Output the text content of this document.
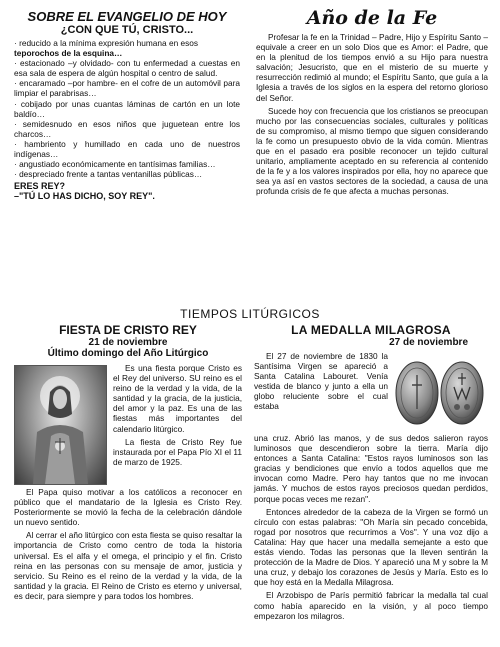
SOBRE EL EVANGELIO DE HOY
¿CON QUE TÚ, CRISTO...

· reducido a la mínima expresión humana en esos

teporochos de la esquina…

· estacionado –y olvidado- con tu enfermedad a cuestas en esa sala de espera de algún hospital o centro de salud.

· encaramado –por hambre- en el cofre de un automóvil para limpiar el parabrisas…

· cobijado por unas cuantas láminas de cartón en un lote baldío…

· semidesnudo en esos niños que juguetean entre los charcos…

· hambriento y humillado en cada uno de nuestros indígenas…

· angustiado económicamente en tantísimas familias…

· despreciado frente a tantas ventanillas públicas…

ERES REY?
–"TÚ LO HAS DICHO, SOY REY".
Año de la Fe

Profesar la fe en la Trinidad – Padre, Hijo y Espíritu Santo –equivale a creer en un solo Dios que es Amor: el Padre, que en la plenitud de los tiempos envió a su Hijo para nuestra salvación; Jesucristo, que en el misterio de su muerte y resurrección redimió al mundo; el Espíritu Santo, que guía a la Iglesia a través de los siglos en la espera del retorno glorioso del Señor.

Sucede hoy con frecuencia que los cristianos se preocupan mucho por las consecuencias sociales, culturales y políticas de su compromiso, al mismo tiempo que siguen considerando la fe como un presupuesto obvio de la vida común. Mientras que en el pasado era posible reconocer un tejido cultural unitario, ampliamente aceptado en su referencia al contenido de la fe y a los valores inspirados por ella, hoy no aparece que sea ya así en vastos sectores de la sociedad, a causa de una profunda crisis de fe que afecta a muchas personas.

TIEMPOS LITÚRGICOS
FIESTA DE CRISTO REY
21 de noviembre
Último domingo del Año Litúrgico

Es una fiesta porque Cristo es el Rey del universo. SU reino es el reino de la verdad y la vida, de la santidad y la gracia, de la justicia, del amor y la paz. Es una de las fiestas más importantes del calendario litúrgico.

La fiesta de Cristo Rey fue instaurada por el Papa Pío XI el 11 de marzo de 1925.

El Papa quiso motivar a los católicos a reconocer en público que el mandatario de la Iglesia es Cristo Rey. Posteriormente se movió la fecha de la celebración dándole un nuevo sentido.

Al cerrar el año litúrgico con esta fiesta se quiso resaltar la importancia de Cristo como centro de toda la historia universal. Es el alfa y el omega, el principio y el fin. Cristo reina en las personas con su mensaje de amor, justicia y servicio. Su Reino es el reino de la verdad y la vida, de la santidad y la gracia. El Reino de Cristo es eterno y universal, es decir, para siempre y para todos los hombres.

LA MEDALLA MILAGROSA
27 de noviembre

El 27 de noviembre de 1830 la Santísima Virgen se apareció a Santa Catalina Labouret. Venía vestida de blanco y junto a ella un globo reluciente sobre el cual estaba

una cruz. Abrió las manos, y de sus dedos salieron rayos luminosos que descendieron sobre la tierra. María dijo entonces a Santa Catalina: "Estos rayos luminosos son las gracias y bendiciones que envío a todos aquellos que me invocan como Madre. Pero hay tantos que no me invocan jamás. Y muchos de estos rayos preciosos quedan perdidos, porque pocas veces me rezan".

Entonces alrededor de la cabeza de la Virgen se formó un círculo con estas palabras: "Oh María sin pecado concebida, rogad por nosotros que recurrimos a Vos". Y una voz dijo a Catalina: Hay que hacer una medalla semejante a esto que estás viendo. Todas las personas que la lleven sentirán la protección de la Madre de Dios. Y apareció una M y sobre la M una cruz, y debajo los corazones de Jesús y María. Esto es lo que hoy está en la Medalla Milagrosa.

El Arzobispo de París permitió fabricar la medalla tal cual como había aparecido en la visión, y al poco tiempo empezaron los milagros.
